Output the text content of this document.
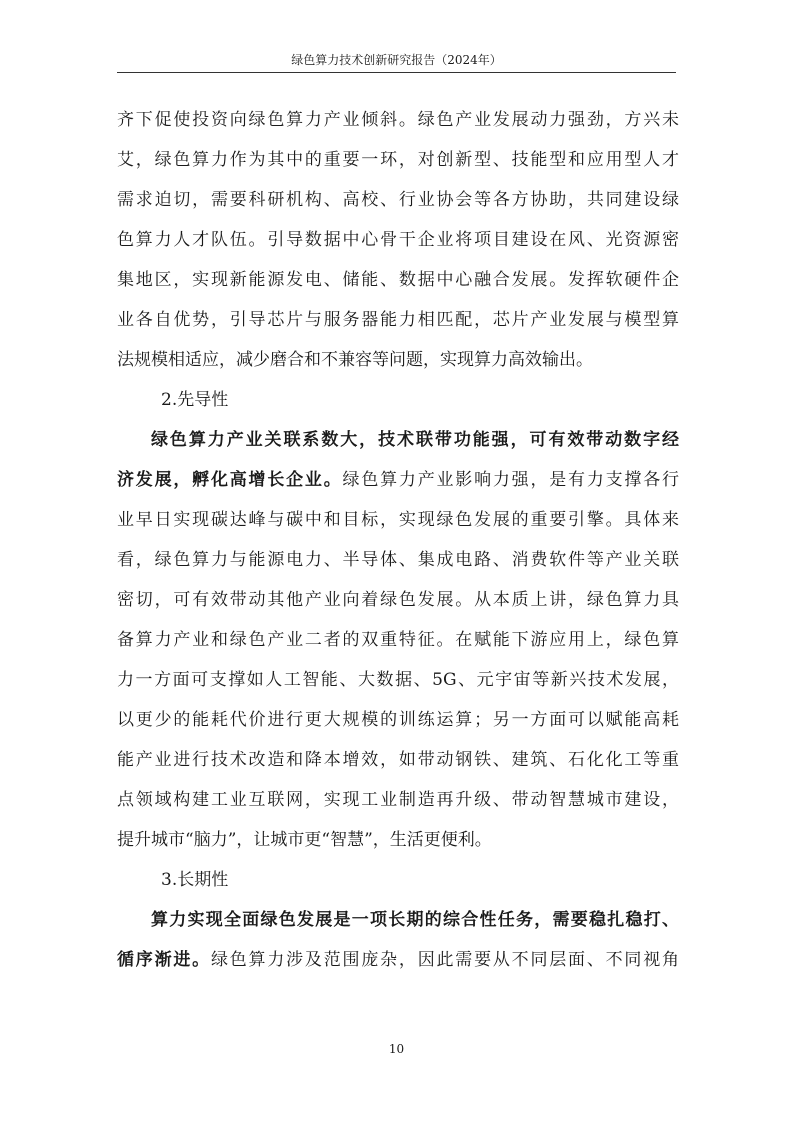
绿色算力技术创新研究报告（2024年）
齐下促使投资向绿色算力产业倾斜。绿色产业发展动力强劲，方兴未
艾，绿色算力作为其中的重要一环，对创新型、技能型和应用型人才
需求迫切，需要科研机构、高校、行业协会等各方协助，共同建设绿
色算力人才队伍。引导数据中心骨干企业将项目建设在风、光资源密
集地区，实现新能源发电、储能、数据中心融合发展。发挥软硬件企
业各自优势，引导芯片与服务器能力相匹配，芯片产业发展与模型算
法规模相适应，减少磨合和不兼容等问题，实现算力高效输出。
2.先导性
绿色算力产业关联系数大，技术联带功能强，可有效带动数字经
济发展，孵化高增长企业。绿色算力产业影响力强，是有力支撑各行
业早日实现碳达峰与碳中和目标，实现绿色发展的重要引擎。具体来
看，绿色算力与能源电力、半导体、集成电路、消费软件等产业关联
密切，可有效带动其他产业向着绿色发展。从本质上讲，绿色算力具
备算力产业和绿色产业二者的双重特征。在赋能下游应用上，绿色算
力一方面可支撑如人工智能、大数据、5G、元宇宙等新兴技术发展，
以更少的能耗代价进行更大规模的训练运算；另一方面可以赋能高耗
能产业进行技术改造和降本增效，如带动钢铁、建筑、石化化工等重
点领域构建工业互联网，实现工业制造再升级、带动智慧城市建设，
提升城市“脑力”，让城市更“智慧”，生活更便利。
3.长期性
算力实现全面绿色发展是一项长期的综合性任务，需要稳扎稳打、
循序渐进。绿色算力涉及范围庞杂，因此需要从不同层面、不同视角
10
